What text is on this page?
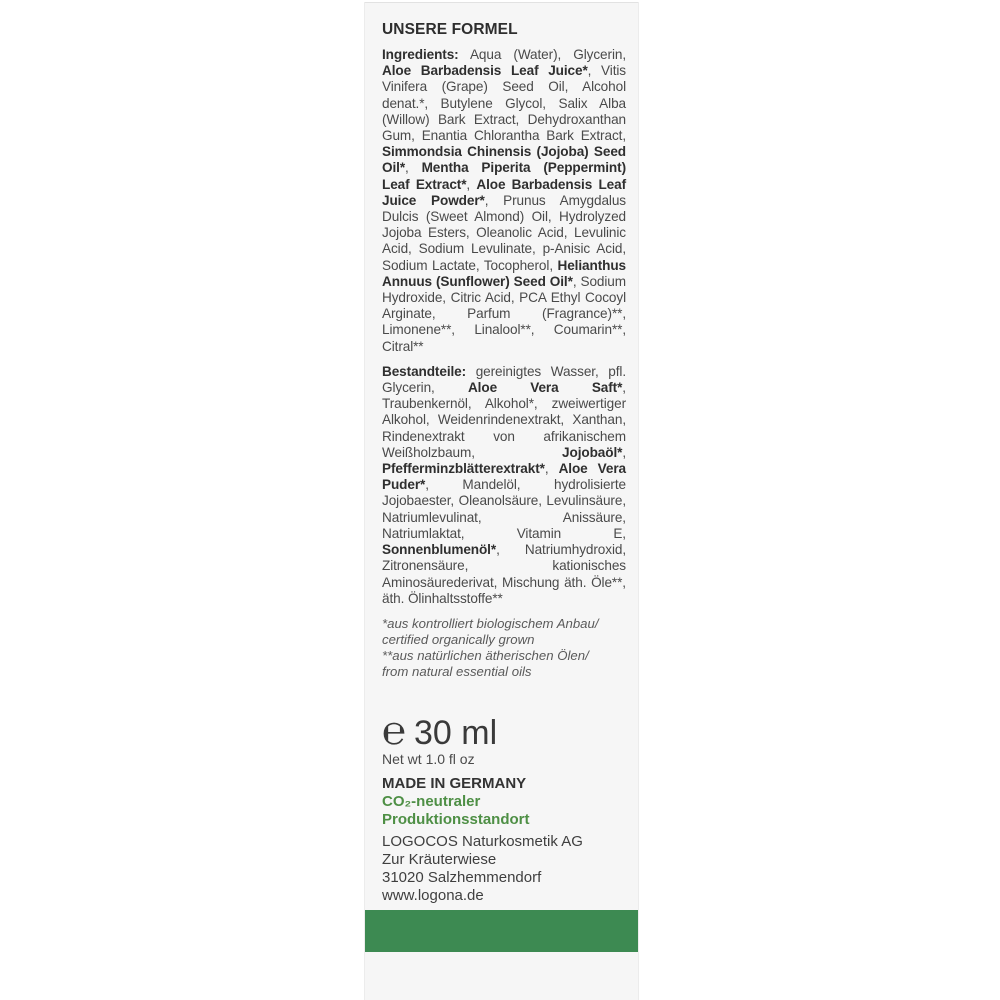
UNSERE FORMEL

Ingredients: Aqua (Water), Glycerin, Aloe Barbadensis Leaf Juice*, Vitis Vinifera (Grape) Seed Oil, Alcohol denat.*, Butylene Glycol, Salix Alba (Willow) Bark Extract, Dehydroxanthan Gum, Enantia Chlorantha Bark Extract, Simmondsia Chinensis (Jojoba) Seed Oil*, Mentha Piperita (Peppermint) Leaf Extract*, Aloe Barbadensis Leaf Juice Powder*, Prunus Amygdalus Dulcis (Sweet Almond) Oil, Hydrolyzed Jojoba Esters, Oleanolic Acid, Levulinic Acid, Sodium Levulinate, p-Anisic Acid, Sodium Lactate, Tocopherol, Helianthus Annuus (Sunflower) Seed Oil*, Sodium Hydroxide, Citric Acid, PCA Ethyl Cocoyl Arginate, Parfum (Fragrance)**, Limonene**, Linalool**, Coumarin**, Citral**

Bestandteile: gereinigtes Wasser, pfl. Glycerin, Aloe Vera Saft*, Traubenkernöl, Alkohol*, zweiwertiger Alkohol, Weidenrindenextrakt, Xanthan, Rindenextrakt von afrikanischem Weißholzbaum, Jojobaöl*, Pfefferminzblätterextrakt*, Aloe Vera Puder*, Mandelöl, hydrolisierte Jojobaester, Oleanolsäure, Levulinsäure, Natriumlevulinat, Anissäure, Natriumlaktat, Vitamin E, Sonnenblumenöl*, Natriumhydroxid, Zitronensäure, kationisches Aminosäurederivat, Mischung äth. Öle**, äth. Ölinhaltsstoffe**

*aus kontrolliert biologischem Anbau/
certified organically grown
**aus natürlichen ätherischen Ölen/
from natural essential oils
℮ 30 ml
Net wt 1.0 fl oz
MADE IN GERMANY
CO₂-neutraler
Produktionsstandort
LOGOCOS Naturkosmetik AG
Zur Kräuterwiese
31020 Salzhemmendorf
www.logona.de
